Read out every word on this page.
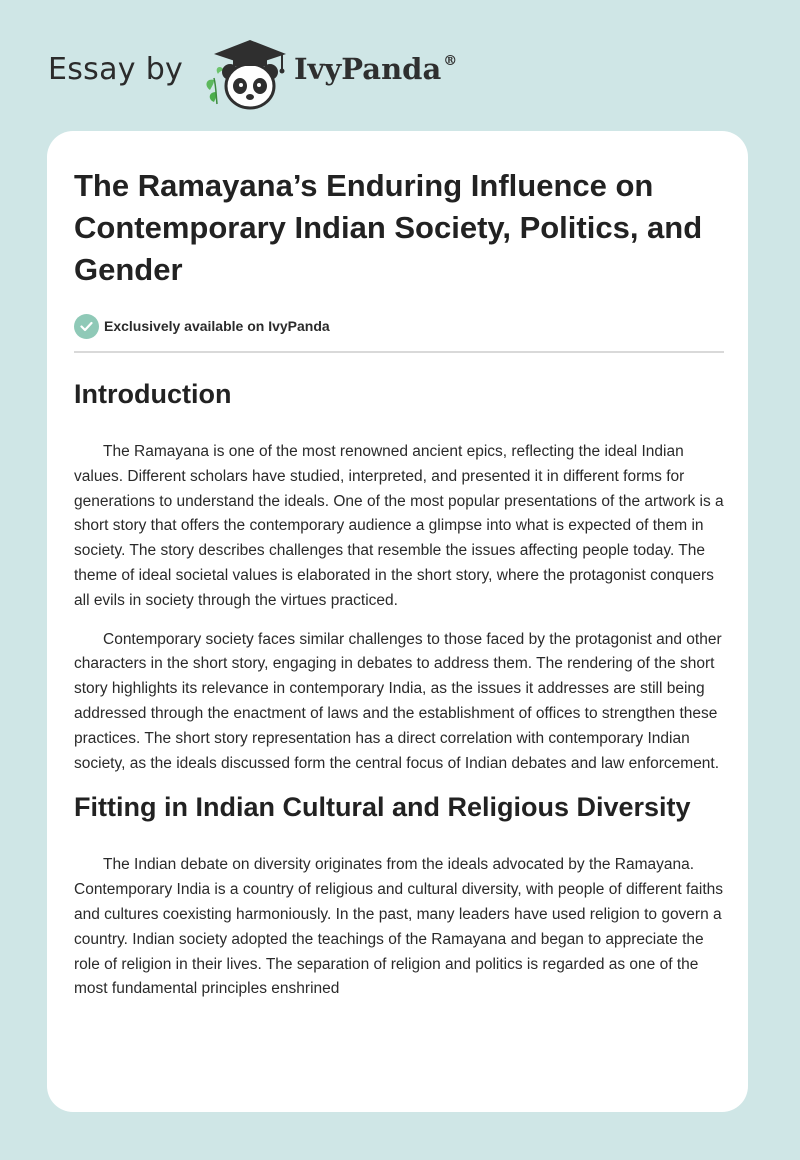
Essay by	IvyPanda ®
The Ramayana’s Enduring Influence on Contemporary Indian Society, Politics, and Gender
Exclusively available on IvyPanda
Introduction

The Ramayana is one of the most renowned ancient epics, reflecting the ideal Indian values. Different scholars have studied, interpreted, and presented it in different forms for generations to understand the ideals. One of the most popular presentations of the artwork is a short story that offers the contemporary audience a glimpse into what is expected of them in society. The story describes challenges that resemble the issues affecting people today. The theme of ideal societal values is elaborated in the short story, where the protagonist conquers all evils in society through the virtues practiced.

Contemporary society faces similar challenges to those faced by the protagonist and other characters in the short story, engaging in debates to address them. The rendering of the short story highlights its relevance in contemporary India, as the issues it addresses are still being addressed through the enactment of laws and the establishment of offices to strengthen these practices. The short story representation has a direct correlation with contemporary Indian society, as the ideals discussed form the central focus of Indian debates and law enforcement.

Fitting in Indian Cultural and Religious Diversity

The Indian debate on diversity originates from the ideals advocated by the Ramayana. Contemporary India is a country of religious and cultural diversity, with people of different faiths and cultures coexisting harmoniously. In the past, many leaders have used religion to govern a country. Indian society adopted the teachings of the Ramayana and began to appreciate the role of religion in their lives. The separation of religion and politics is regarded as one of the most fundamental principles enshrined
